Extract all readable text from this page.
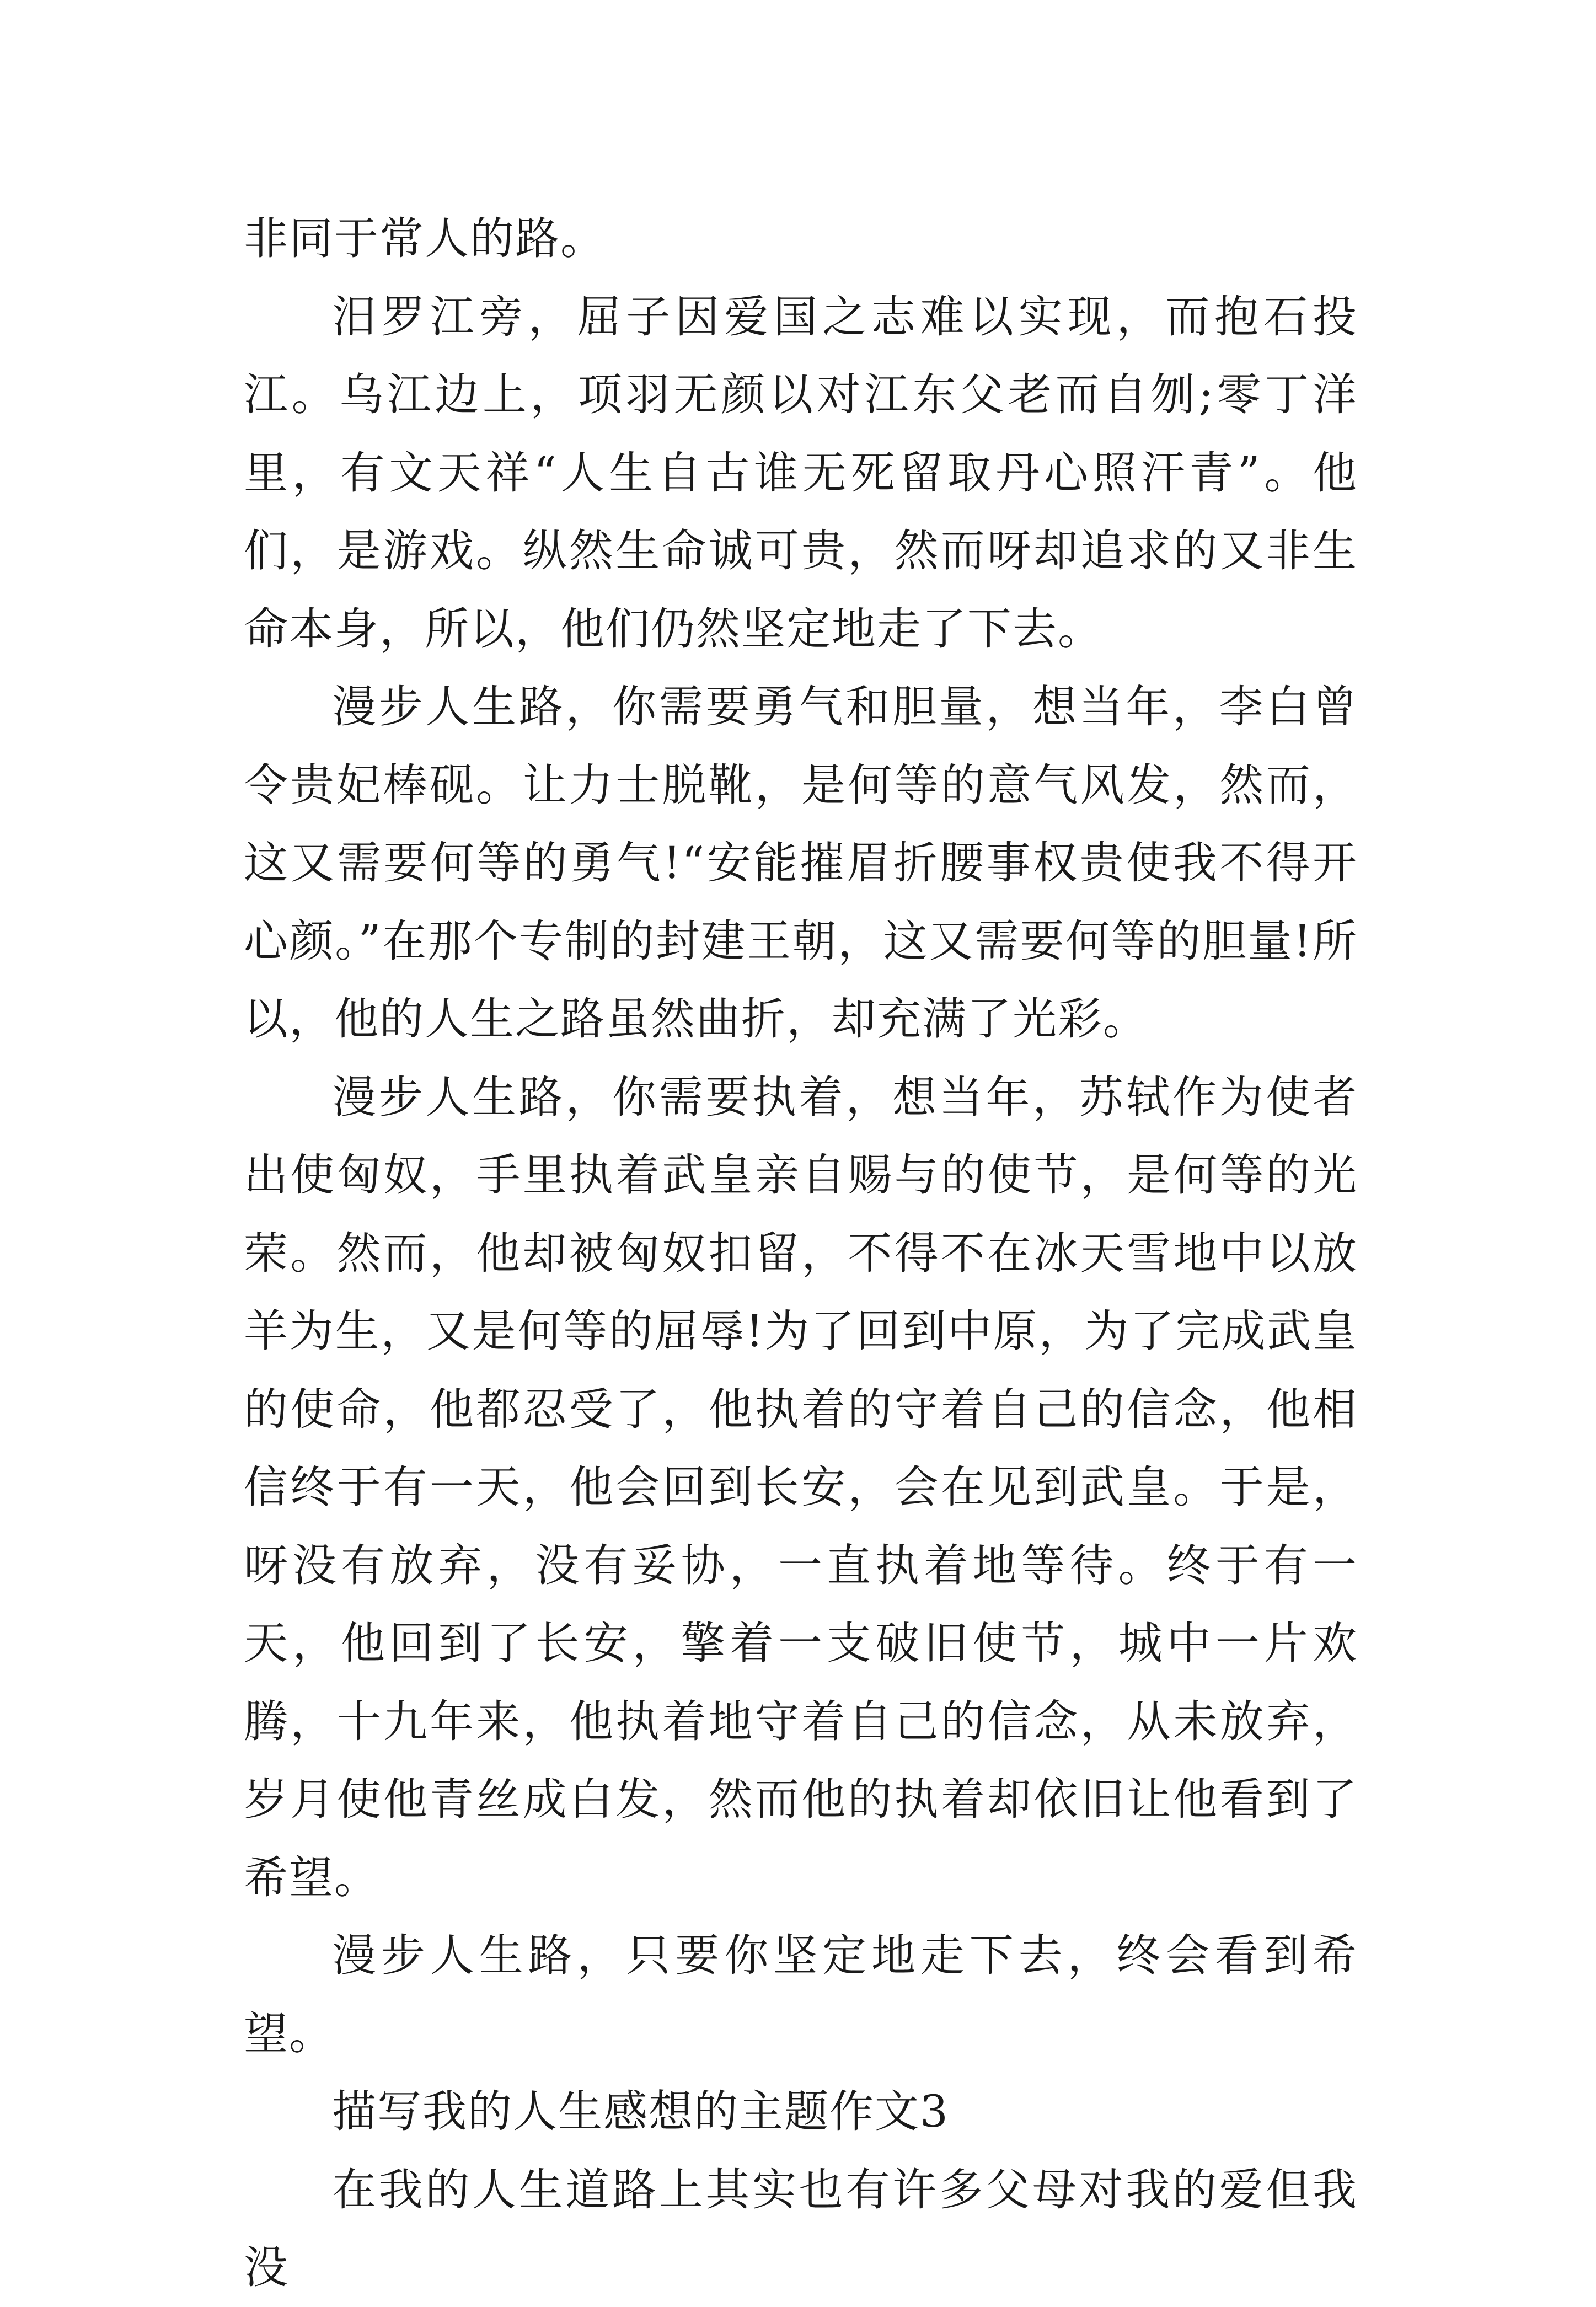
非同于常人的路。

汨罗江旁，屈子因爱国之志难以实现，而抱石投江。乌江边上，项羽无颜以对江东父老而自刎;零丁洋里，有文天祥“人生自古谁无死留取丹心照汗青”。他们，是游戏。纵然生命诚可贵，然而呀却追求的又非生命本身，所以，他们仍然坚定地走了下去。

漫步人生路，你需要勇气和胆量，想当年，李白曾令贵妃棒砚。让力士脱靴，是何等的意气风发，然而，这又需要何等的勇气!“安能摧眉折腰事权贵使我不得开心颜。”在那个专制的封建王朝，这又需要何等的胆量!所以，他的人生之路虽然曲折，却充满了光彩。

漫步人生路，你需要执着，想当年，苏轼作为使者出使匈奴，手里执着武皇亲自赐与的使节，是何等的光荣。然而，他却被匈奴扣留，不得不在冰天雪地中以放羊为生，又是何等的屈辱!为了回到中原，为了完成武皇的使命，他都忍受了，他执着的守着自己的信念，他相信终于有一天，他会回到长安，会在见到武皇。于是，呀没有放弃，没有妥协，一直执着地等待。终于有一天，他回到了长安，擎着一支破旧使节，城中一片欢腾，十九年来，他执着地守着自己的信念，从未放弃，岁月使他青丝成白发，然而他的执着却依旧让他看到了希望。

漫步人生路，只要你坚定地走下去，终会看到希望。

描写我的人生感想的主题作文3

在我的人生道路上其实也有许多父母对我的爱但我没
